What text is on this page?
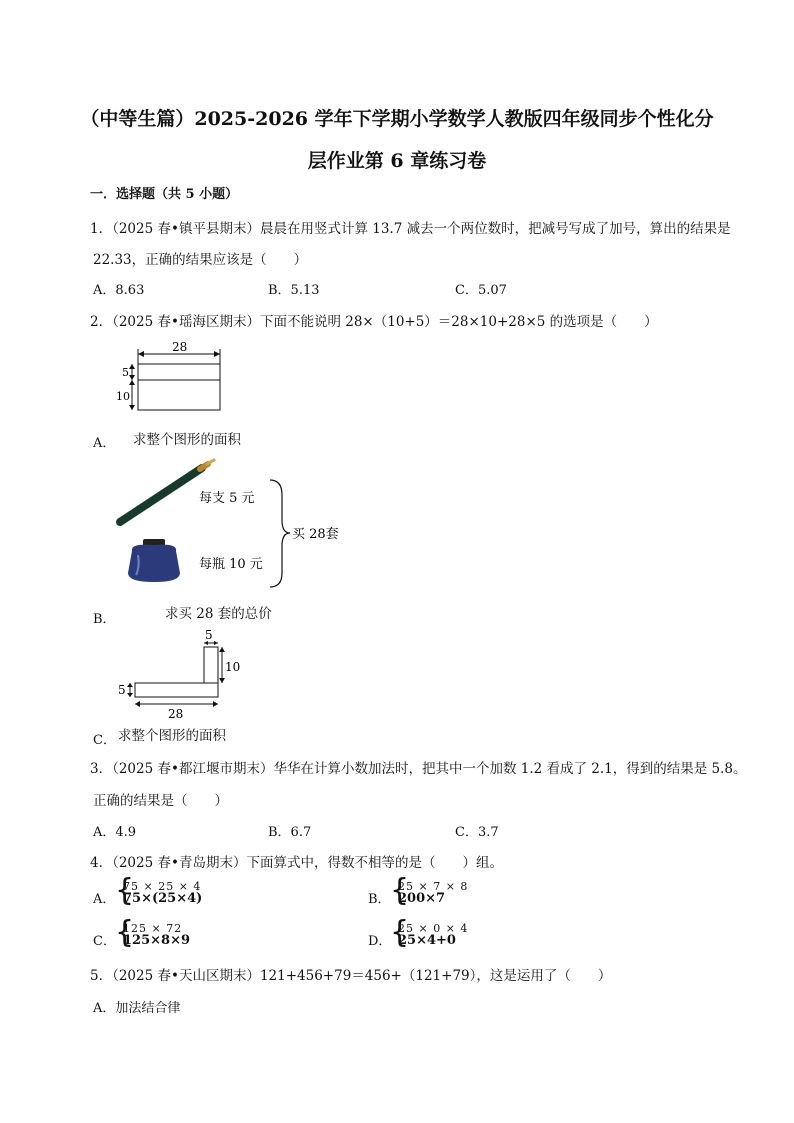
（中等生篇）2025-2026 学年下学期小学数学人教版四年级同步个性化分
层作业第 6 章练习卷
一．选择题（共 5 小题）
1．（2025 春•镇平县期末）晨晨在用竖式计算 13.7 减去一个两位数时，把减号写成了加号，算出的结果是
22.33，正确的结果应该是（　　）
A．8.63	B．5.13	C．5.07
2．（2025 春•瑶海区期末）下面不能说明 28×（10+5）＝28×10+28×5 的选项是（　　）
28
5
10
A． 求整个图形的面积
每支 5 元
每瓶 10 元
买 28套
B．	求买 28 套的总价
5
10
5
28
C． 求整个图形的面积
3．（2025 春•都江堰市期末）华华在计算小数加法时，把其中一个加数 1.2 看成了 2.1，得到的结果是 5.8。
正确的结果是（　　）
A．4.9	B．6.7	C．3.7
4．（2025 春•青岛期末）下面算式中，得数不相等的是（　　）组。
A． {
75 × 25 × 4
75×(25×4)	B． {
25 × 7 × 8
200×7
C． {
125 × 72
125×8×9	D．
{
25 × 0 × 4
25×4+0
5．（2025 春•天山区期末）121+456+79＝456+（121+79），这是运用了（　　）
A．加法结合律
